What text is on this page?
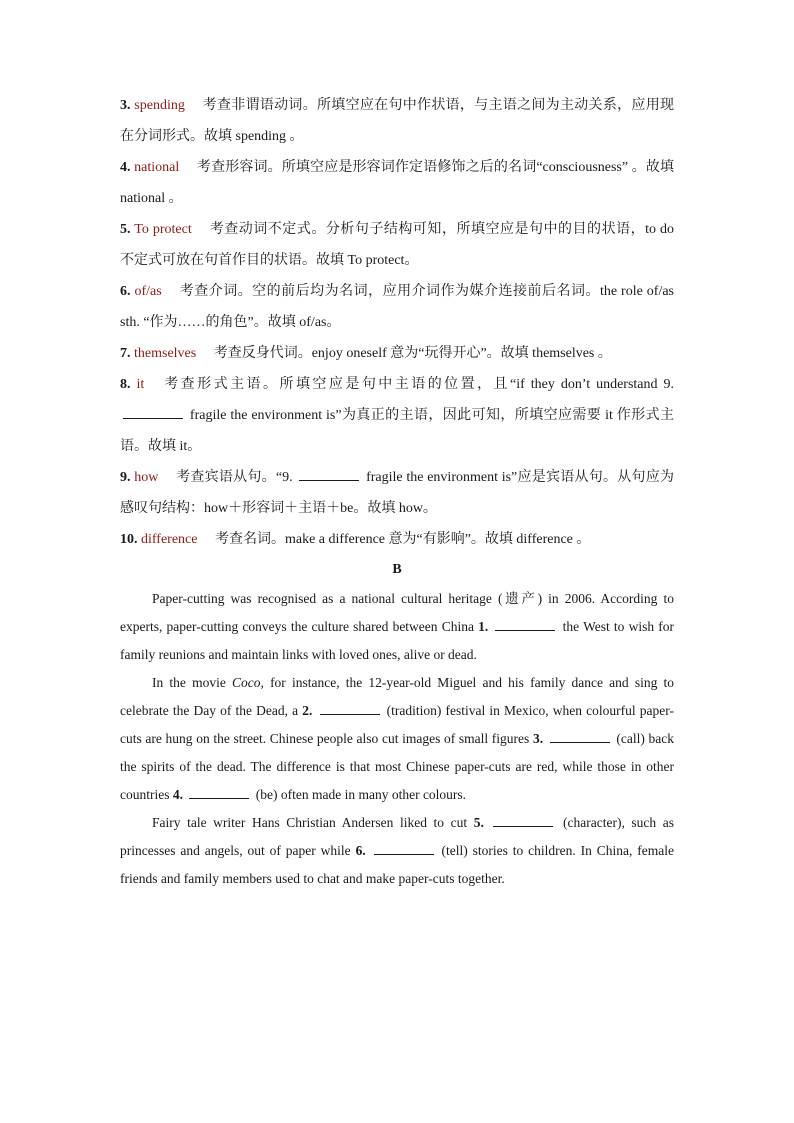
3. spending 考查非谓语动词。所填空应在句中作状语，与主语之间为主动关系，应用现在分词形式。故填 spending 。

4. national 考查形容词。所填空应是形容词作定语修饰之后的名词“consciousness” 。故填 national 。

5. To protect 考查动词不定式。分析句子结构可知，所填空应是句中的目的状语，to do 不定式可放在句首作目的状语。故填 To protect。

6. of/as 考查介词。空的前后均为名词，应用介词作为媒介连接前后名词。the role of/as sth. “作为……的角色”。故填 of/as。

7. themselves 考查反身代词。enjoy oneself 意为“玩得开心”。故填 themselves 。

8. it 考查形式主语。所填空应是句中主语的位置，且“if they don’t understand 9.  fragile the environment is”为真正的主语，因此可知，所填空应需要 it 作形式主语。故填 it。

9. how 考查宾语从句。“9.	fragile the environment is”应是宾语从句。从句应为感叹句结构：how＋形容词＋主语＋be。故填 how。

10. difference 考查名词。make a difference 意为“有影响”。故填 difference 。

B

Paper-cutting was recognised as a national cultural heritage (遗产) in 2006. According to experts, paper-cutting conveys the culture shared between China 1.	the West to wish for family reunions and maintain links with loved ones, alive or dead.

In the movie Coco, for instance, the 12-year-old Miguel and his family dance and sing to celebrate the Day of the Dead, a 2.	(tradition) festival in Mexico, when colourful paper-cuts are hung on the street. Chinese people also cut images of small figures 3.	(call) back the spirits of the dead. The difference is that most Chinese paper-cuts are red, while those in other countries 4.	(be) often made in many other colours.

Fairy tale writer Hans Christian Andersen liked to cut 5.	(character), such as princesses and angels, out of paper while 6.	(tell) stories to children. In China, female friends and family members used to chat and make paper-cuts together.
